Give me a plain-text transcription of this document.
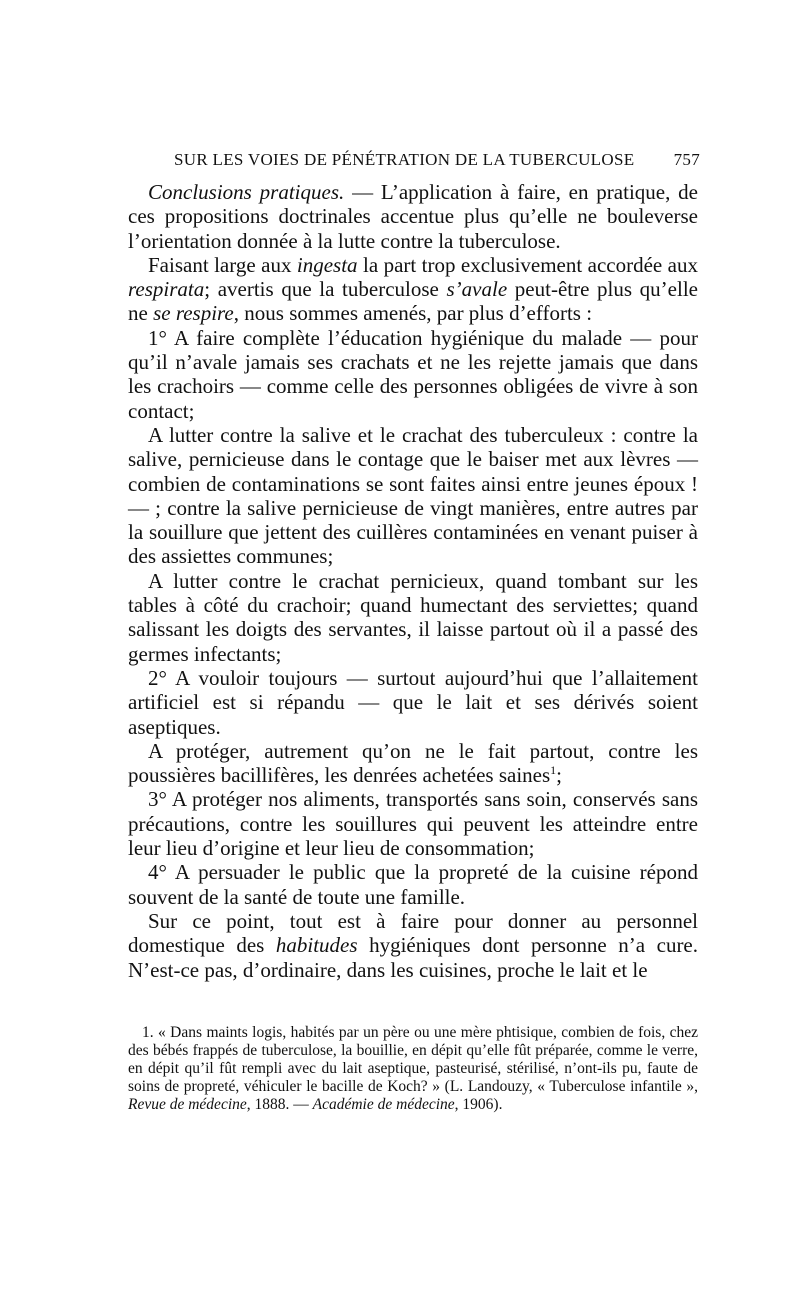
SUR LES VOIES DE PÉNÉTRATION DE LA TUBERCULOSE 757

Conclusions pratiques. — L’application à faire, en pratique, de ces propositions doctrinales accentue plus qu’elle ne bouleverse l’orientation donnée à la lutte contre la tuberculose.

Faisant large aux ingesta la part trop exclusivement accordée aux respirata; avertis que la tuberculose s’avale peut-être plus qu’elle ne se respire, nous sommes amenés, par plus d’efforts :

1° A faire complète l’éducation hygiénique du malade — pour qu’il n’avale jamais ses crachats et ne les rejette jamais que dans les crachoirs — comme celle des personnes obligées de vivre à son contact;

A lutter contre la salive et le crachat des tuberculeux : contre la salive, pernicieuse dans le contage que le baiser met aux lèvres — combien de contaminations se sont faites ainsi entre jeunes époux ! — ; contre la salive pernicieuse de vingt manières, entre autres par la souillure que jettent des cuillères contaminées en venant puiser à des assiettes communes;

A lutter contre le crachat pernicieux, quand tombant sur les tables à côté du crachoir; quand humectant des serviettes; quand salissant les doigts des servantes, il laisse partout où il a passé des germes infectants;

2° A vouloir toujours — surtout aujourd’hui que l’allaitement artificiel est si répandu — que le lait et ses dérivés soient aseptiques.

A protéger, autrement qu’on ne le fait partout, contre les poussières bacillifères, les denrées achetées saines$^1$;

3° A protéger nos aliments, transportés sans soin, conservés sans précautions, contre les souillures qui peuvent les atteindre entre leur lieu d’origine et leur lieu de consommation;

4° A persuader le public que la propreté de la cuisine répond souvent de la santé de toute une famille.

Sur ce point, tout est à faire pour donner au personnel domestique des habitudes hygiéniques dont personne n’a cure. N’est-ce pas, d’ordinaire, dans les cuisines, proche le lait et le

1. « Dans maints logis, habités par un père ou une mère phtisique, combien de fois, chez des bébés frappés de tuberculose, la bouillie, en dépit qu’elle fût préparée, comme le verre, en dépit qu’il fût rempli avec du lait aseptique, pasteurisé, stérilisé, n’ont-ils pu, faute de soins de propreté, véhiculer le bacille de Koch? » (L. Landouzy, « Tuberculose infantile », Revue de médecine, 1888. — Académie de médecine, 1906).
